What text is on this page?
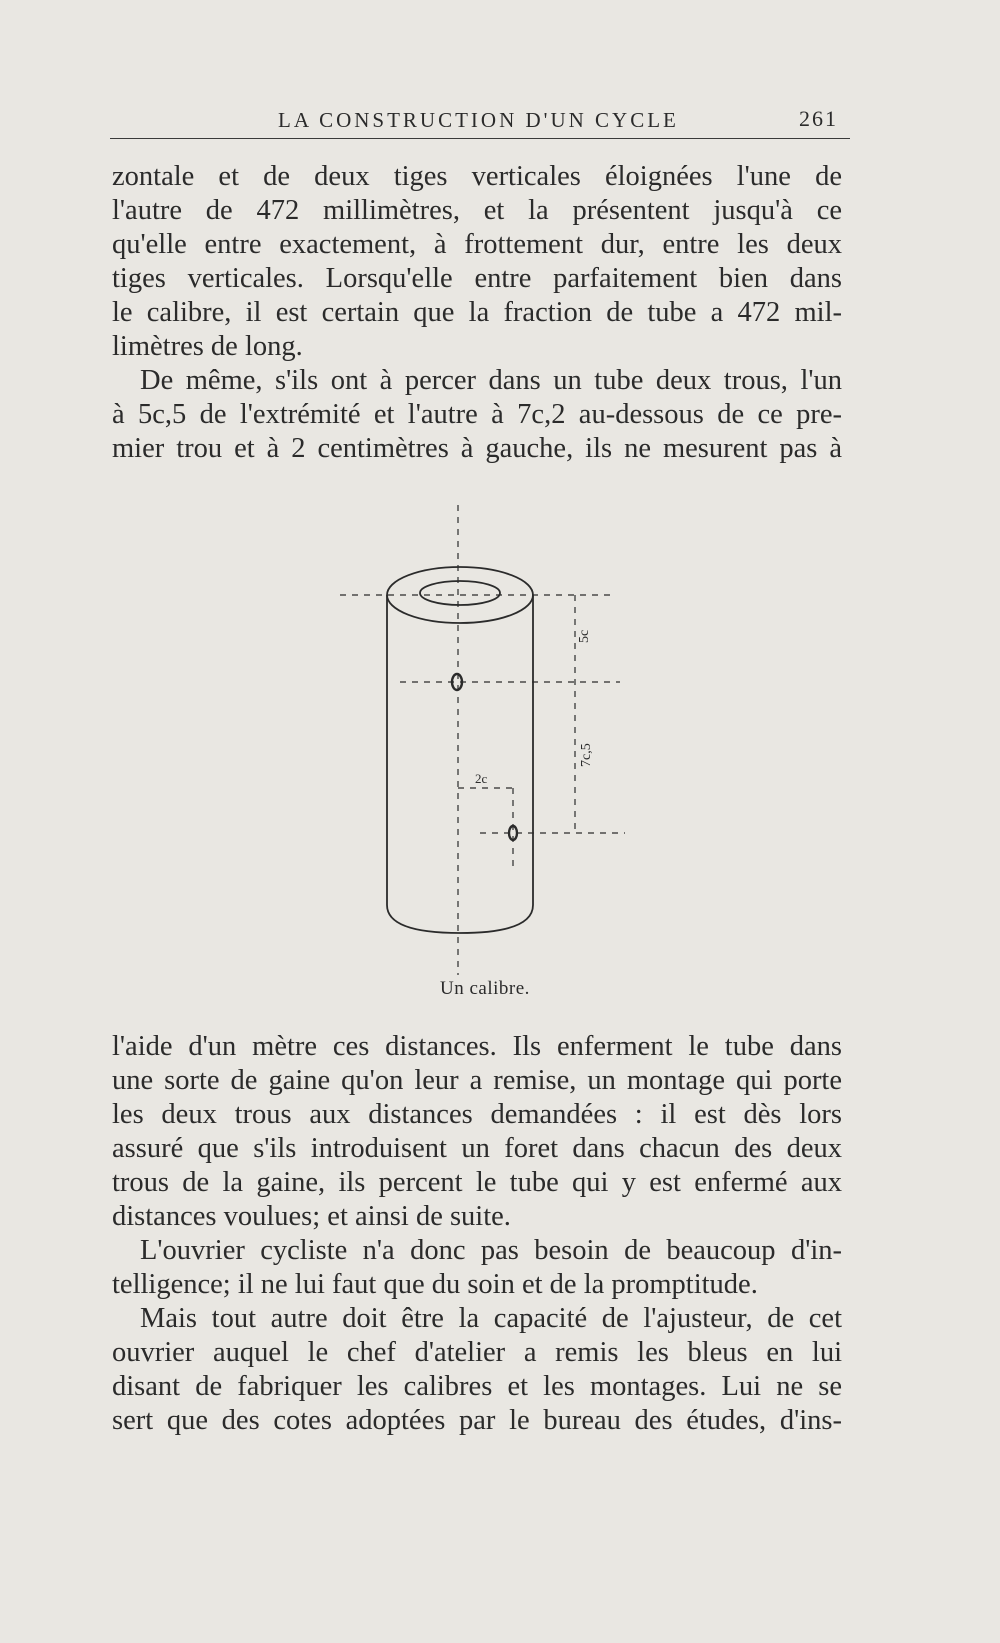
LA CONSTRUCTION D'UN CYCLE	261
zontale et de deux tiges verticales éloignées l'une de
l'autre de 472 millimètres, et la présentent jusqu'à ce
qu'elle entre exactement, à frottement dur, entre les deux
tiges verticales. Lorsqu'elle entre parfaitement bien dans
le calibre, il est certain que la fraction de tube a 472 mil-
limètres de long.
De même, s'ils ont à percer dans un tube deux trous, l'un
à 5c,5 de l'extrémité et l'autre à 7c,2 au-dessous de ce pre-
mier trou et à 2 centimètres à gauche, ils ne mesurent pas à
5c
7c,5
2c
Un calibre.
l'aide d'un mètre ces distances. Ils enferment le tube dans
une sorte de gaine qu'on leur a remise, un montage qui porte
les deux trous aux distances demandées : il est dès lors
assuré que s'ils introduisent un foret dans chacun des deux
trous de la gaine, ils percent le tube qui y est enfermé aux
distances voulues; et ainsi de suite.
L'ouvrier cycliste n'a donc pas besoin de beaucoup d'in-
telligence; il ne lui faut que du soin et de la promptitude.
Mais tout autre doit être la capacité de l'ajusteur, de cet
ouvrier auquel le chef d'atelier a remis les bleus en lui
disant de fabriquer les calibres et les montages. Lui ne se
sert que des cotes adoptées par le bureau des études, d'ins-
